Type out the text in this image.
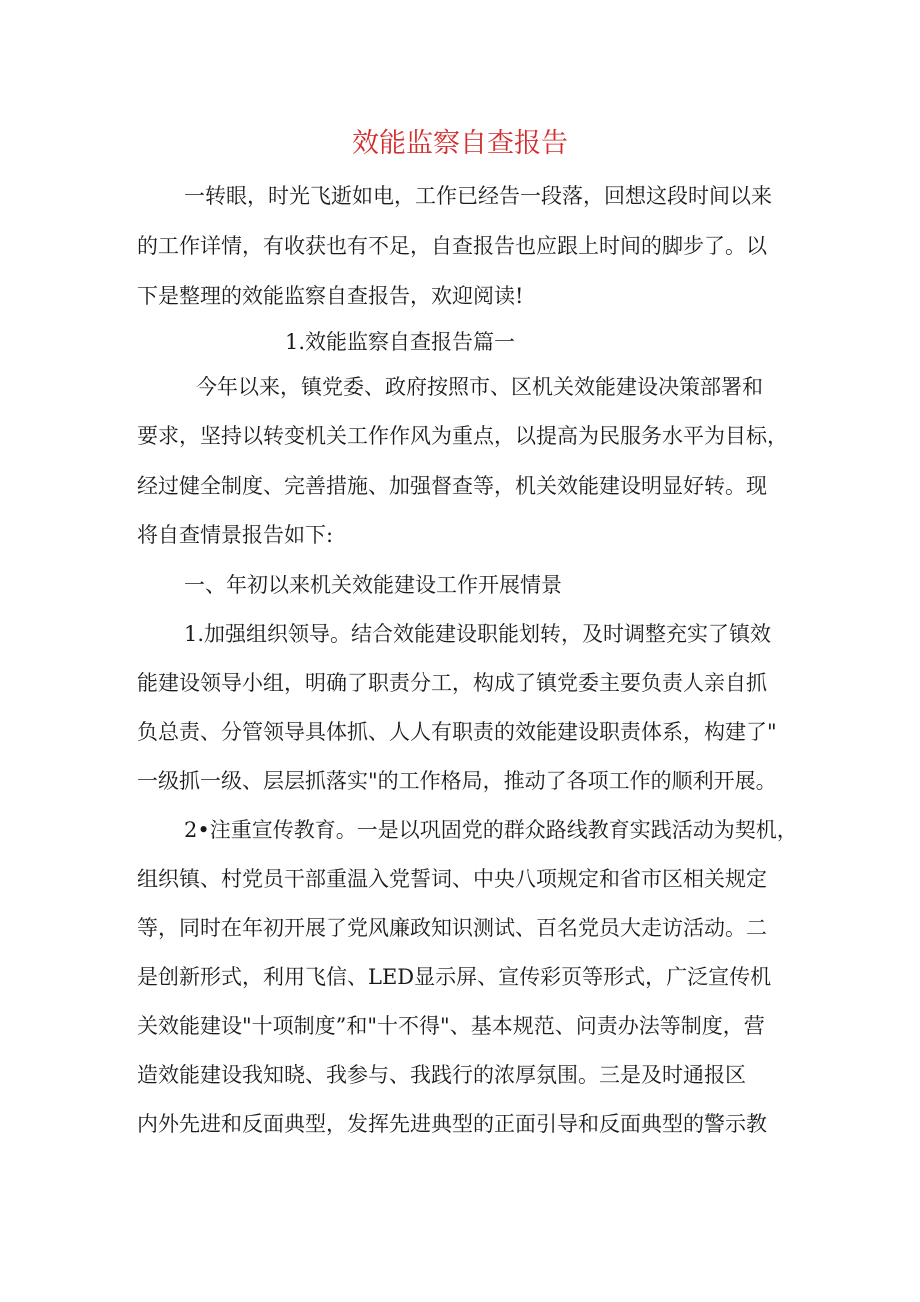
效能监察自查报告
一转眼，时光飞逝如电，工作已经告一段落，回想这段时间以来
的工作详情，有收获也有不足，自查报告也应跟上时间的脚步了。以
下是整理的效能监察自查报告，欢迎阅读!
1.效能监察自查报告篇一
今年以来，镇党委、政府按照市、区机关效能建设决策部署和
要求，坚持以转变机关工作作风为重点，以提高为民服务水平为目标，
经过健全制度、完善措施、加强督查等，机关效能建设明显好转。现
将自查情景报告如下:
一、年初以来机关效能建设工作开展情景
1.加强组织领导。结合效能建设职能划转，及时调整充实了镇效
能建设领导小组，明确了职责分工，构成了镇党委主要负责人亲自抓
负总责、分管领导具体抓、人人有职责的效能建设职责体系，构建了"
一级抓一级、层层抓落实"的工作格局，推动了各项工作的顺利开展。
2•注重宣传教育。一是以巩固党的群众路线教育实践活动为契机，
组织镇、村党员干部重温入党誓词、中央八项规定和省市区相关规定
等，同时在年初开展了党风廉政知识测试、百名党员大走访活动。二
是创新形式，利用飞信、LED显示屏、宣传彩页等形式，广泛宣传机
关效能建设"十项制度”和"十不得"、基本规范、问责办法等制度，营
造效能建设我知晓、我参与、我践行的浓厚氛围。三是及时通报区
内外先进和反面典型，发挥先进典型的正面引导和反面典型的警示教
